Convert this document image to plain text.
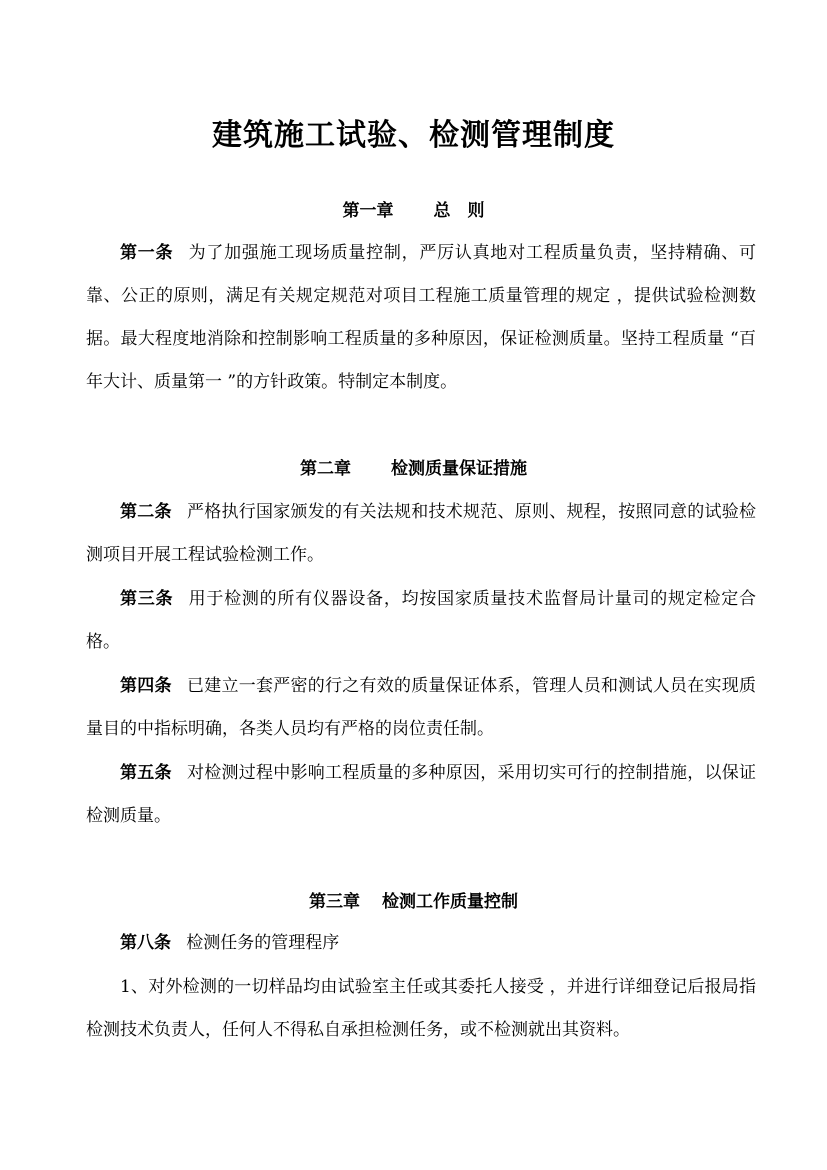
建筑施工试验、检测管理制度
第一章 总　则

第一条 为了加强施工现场质量控制，严厉认真地对工程质量负责，坚持精确、可靠、公正的原则，满足有关规定规范对项目工程施工质量管理的规定 ，提供试验检测数据。最大程度地消除和控制影响工程质量的多种原因，保证检测质量。坚持工程质量 “百年大计、质量第一 ”的方针政策。特制定本制度。

第二章 检测质量保证措施

第二条 严格执行国家颁发的有关法规和技术规范、原则、规程，按照同意的试验检测项目开展工程试验检测工作。

第三条 用于检测的所有仪器设备，均按国家质量技术监督局计量司的规定检定合格。

第四条 已建立一套严密的行之有效的质量保证体系，管理人员和测试人员在实现质量目的中指标明确，各类人员均有严格的岗位责任制。

第五条 对检测过程中影响工程质量的多种原因，采用切实可行的控制措施，以保证检测质量。

第三章 检测工作质量控制

第八条 检测任务的管理程序

1、对外检测的一切样品均由试验室主任或其委托人接受 ，并进行详细登记后报局指检测技术负责人，任何人不得私自承担检测任务，或不检测就出其资料。
